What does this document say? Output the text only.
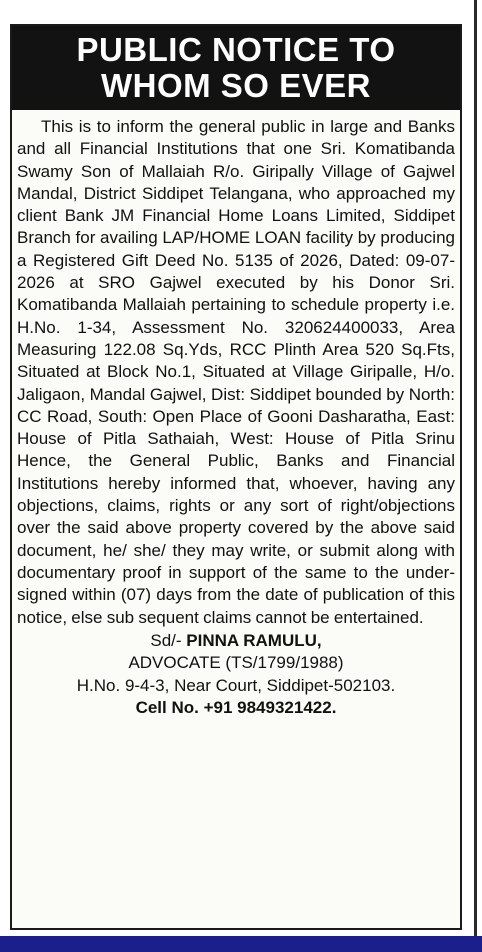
PUBLIC NOTICE TO
WHOM SO EVER

This is to inform the general public in large and Banks and all Financial Institutions that one Sri. Komatibanda Swamy Son of Mallaiah R/o. Giripally Village of Gajwel Mandal, District Siddipet Telangana, who approached my client Bank JM Financial Home Loans Limited, Siddipet Branch for availing LAP/HOME LOAN facility by producing a Registered Gift Deed No. 5135 of 2026, Dated: 09-07- 2026 at SRO Gajwel executed by his Donor Sri. Komatibanda Mallaiah pertaining to schedule property i.e. H.No. 1-34, Assessment No. 320624400033, Area Measuring 122.08 Sq.Yds, RCC Plinth Area 520 Sq.Fts, Situated at Block No.1, Situated at Village Giripalle, H/o. Jaligaon, Mandal Gajwel, Dist: Siddipet bounded by North: CC Road, South: Open Place of Gooni Dasharatha, East: House of Pitla Sathaiah, West: House of Pitla Srinu Hence, the General Public, Banks and Financial Institutions hereby informed that, whoever, having any objections, claims, rights or any sort of right/objections over the said above property covered by the above said document, he/ she/ they may write, or submit along with documentary proof in support of the same to the under-signed within (07) days from the date of publication of this notice, else sub sequent claims cannot be entertained.

Sd/- PINNA RAMULU,
ADVOCATE (TS/1799/1988)
H.No. 9-4-3, Near Court, Siddipet-502103.
Cell No. +91 9849321422.
